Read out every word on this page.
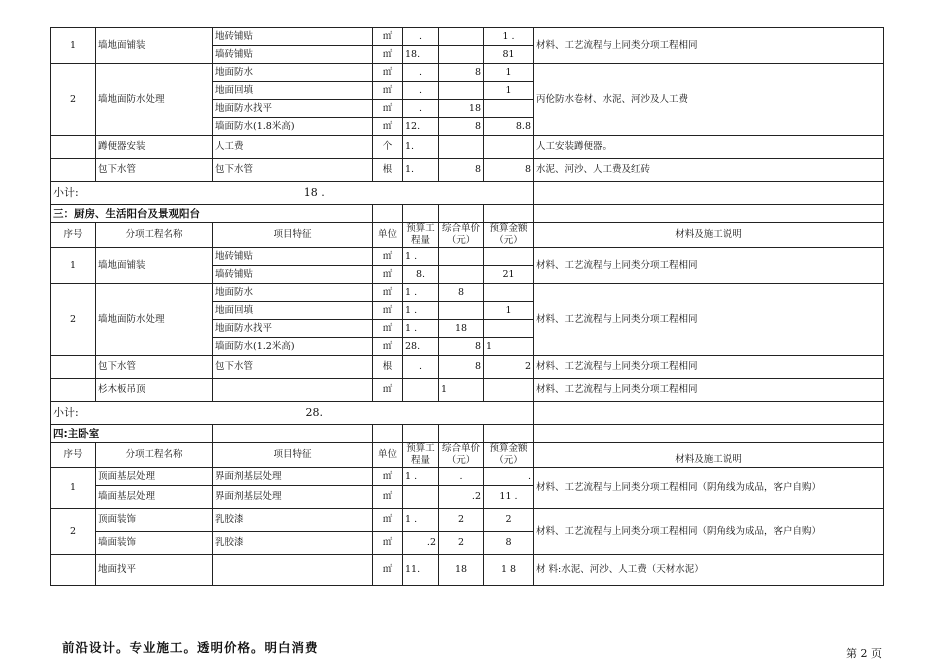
1	墙地面铺装	地砖铺贴	㎡	.		1 .	材料、工艺流程与上同类分项工程相同
		墙砖铺贴	㎡	18.		81	
2	墙地面防水处理	地面防水	㎡	.	8	1	丙伦防水卷材、水泥、河沙及人工费
		地面回填	㎡	.		1	
		地面防水找平	㎡	.	18		
		墙面防水(1.8米高)	㎡	12.	8	8.8	
	蹲便器安装	人工费	个	1.			人工安装蹲便器。
	包下水管	包下水管	根	1.	8	8	水泥、河沙、人工费及红砖
小计:	18 .						
三：厨房、生活阳台及景观阳台							
序号	分项工程名称	项目特征	单位	预算工程量	综合单价（元）	预算金额（元）	材料及施工说明
1	墙地面铺装	地砖铺贴	㎡	1 .			材料、工艺流程与上同类分项工程相同
		墙砖铺贴	㎡	8.		21	
2	墙地面防水处理	地面防水	㎡	1 .	8		材料、工艺流程与上同类分项工程相同
		地面回填	㎡	1 .		1	
		地面防水找平	㎡	1 .	18		
		墙面防水(1.2米高)	㎡	28.	8	1	
	包下水管	包下水管	根	.	8	2	材料、工艺流程与上同类分项工程相同
	杉木板吊顶		㎡		1		材料、工艺流程与上同类分项工程相同
小计:	28.						
四:主卧室							
序号	分项工程名称	项目特征	单位	预算工程量	综合单价（元）	预算金额（元）	材料及施工说明
1	顶面基层处理	界面剂基层处理	㎡	1 .	.	.	材料、工艺流程与上同类分项工程相同（阴角线为成品，客户自购）
	墙面基层处理	界面剂基层处理	㎡		.2	11 .	
2	顶面装饰	乳胶漆	㎡	1 .	2	2	材料、工艺流程与上同类分项工程相同（阴角线为成品，客户自购）
	墙面装饰	乳胶漆	㎡	.2	2	8	
	地面找平		㎡	11.	18	1 8	材 料:水泥、河沙、人工费（天材水泥）
前沿设计。专业施工。透明价格。明白消费	第 2 页
